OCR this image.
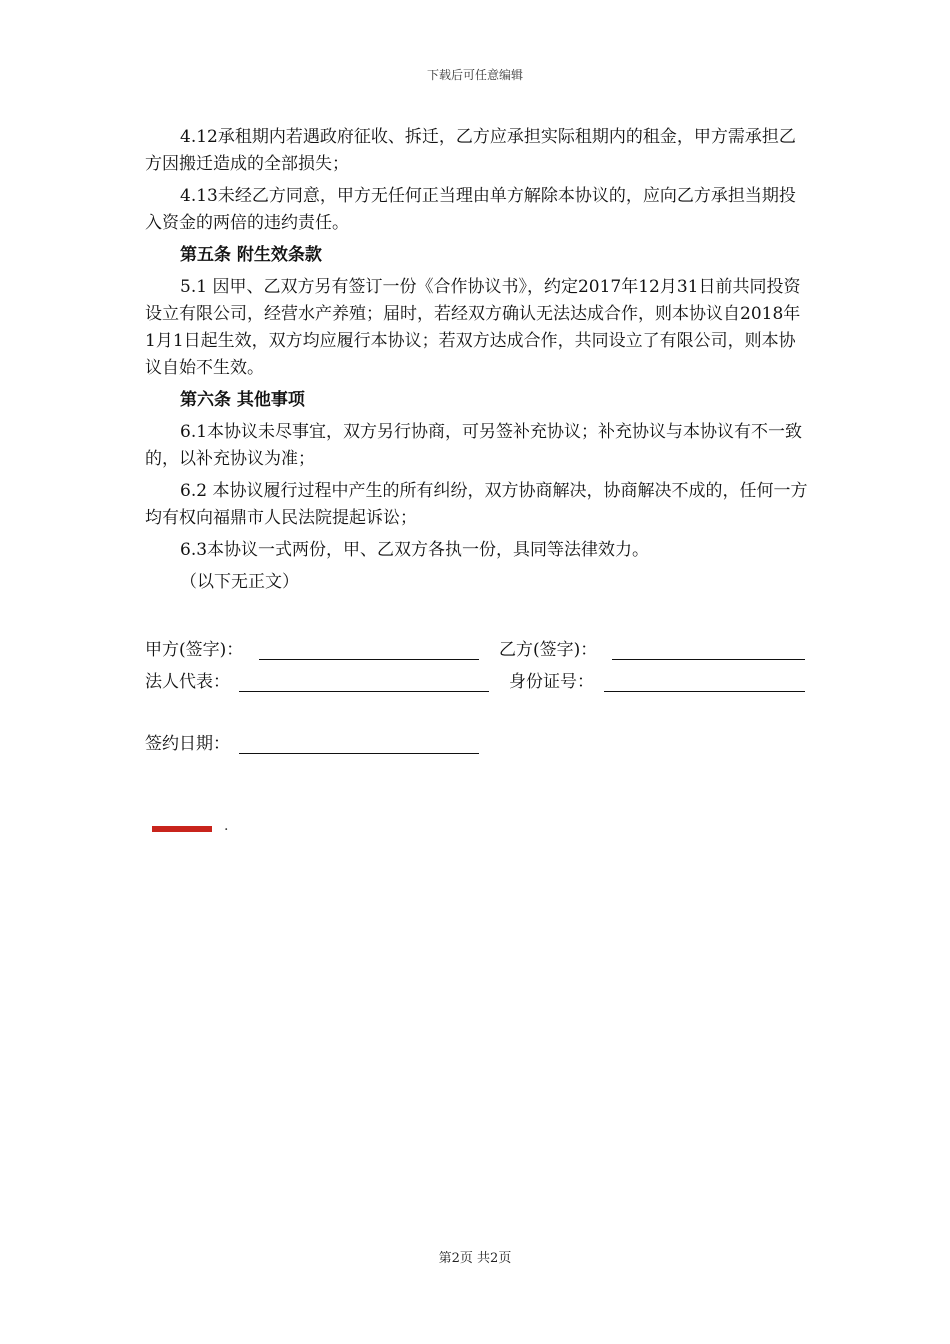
下载后可任意编辑

4.12承租期内若遇政府征收、拆迁，乙方应承担实际租期内的租金，甲方需承担乙方因搬迁造成的全部损失；

4.13未经乙方同意，甲方无任何正当理由单方解除本协议的，应向乙方承担当期投入资金的两倍的违约责任。

第五条 附生效条款

5.1 因甲、乙双方另有签订一份《合作协议书》，约定2017年12月31日前共同投资设立有限公司，经营水产养殖；届时，若经双方确认无法达成合作，则本协议自2018年1月1日起生效，双方均应履行本协议；若双方达成合作，共同设立了有限公司，则本协议自始不生效。

第六条 其他事项

6.1本协议未尽事宜，双方另行协商，可另签补充协议；补充协议与本协议有不一致的，以补充协议为准；

6.2 本协议履行过程中产生的所有纠纷，双方协商解决，协商解决不成的，任何一方均有权向福鼎市人民法院提起诉讼；

6.3本协议一式两份，甲、乙双方各执一份，具同等法律效力。

（以下无正文）

甲方(签字)：	乙方(签字)：
法人代表：	身份证号：
签约日期：
.
第2页 共2页
